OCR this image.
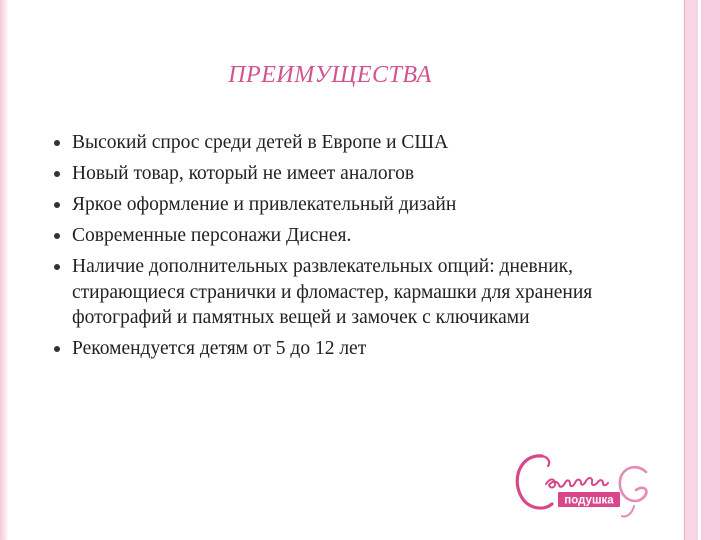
ПРЕИМУЩЕСТВА
Высокий спрос среди детей в Европе и США
Новый товар, который не имеет аналогов
Яркое оформление и привлекательный дизайн
Современные персонажи Диснея.
Наличие дополнительных развлекательных опций: дневник, стирающиеся странички и фломастер, кармашки для хранения фотографий и памятных вещей и замочек с ключиками
Рекомендуется детям от 5 до 12 лет
подушка
